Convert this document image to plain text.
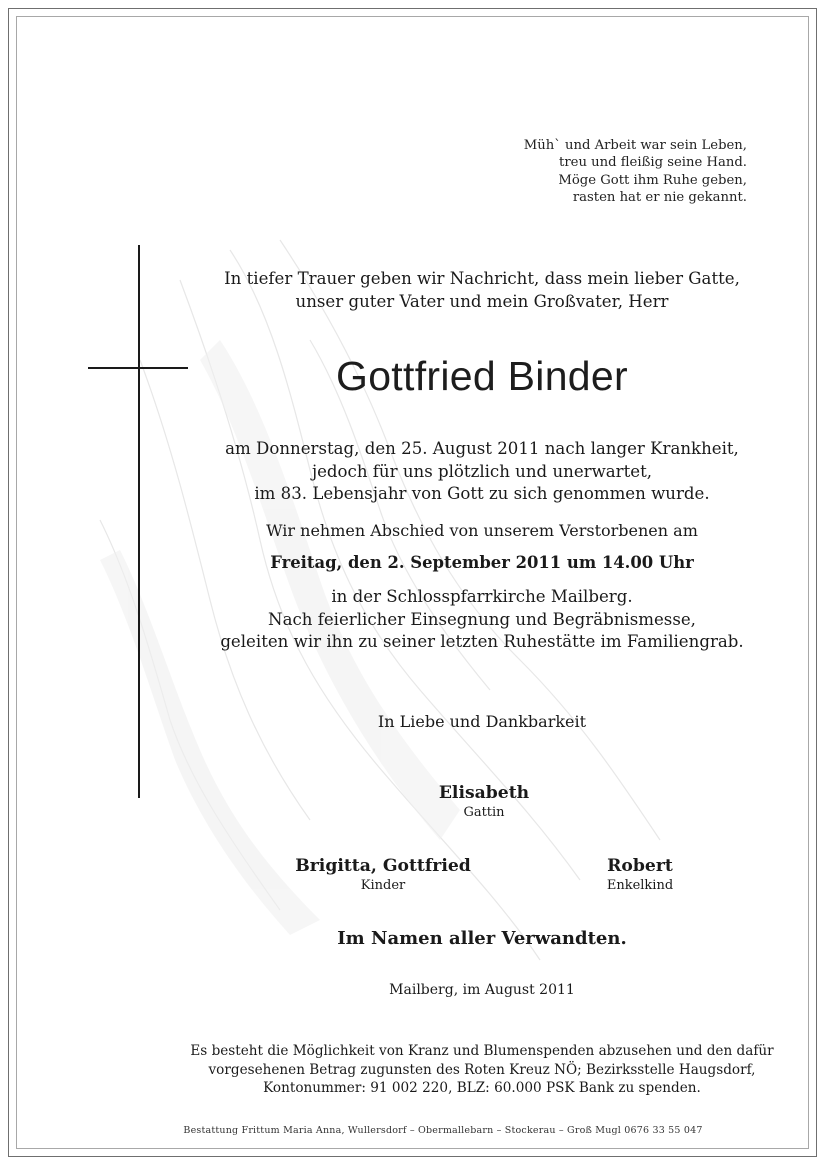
Müh` und Arbeit war sein Leben,
treu und fleißig seine Hand.
Möge Gott ihm Ruhe geben,
rasten hat er nie gekannt.
In tiefer Trauer geben wir Nachricht, dass mein lieber Gatte,
unser guter Vater und mein Großvater, Herr
Gottfried Binder
am Donnerstag, den 25. August 2011 nach langer Krankheit,
jedoch für uns plötzlich und unerwartet,
im 83. Lebensjahr von Gott zu sich genommen wurde.
Wir nehmen Abschied von unserem Verstorbenen am
Freitag, den 2. September 2011 um 14.00 Uhr
in der Schlosspfarrkirche Mailberg.
Nach feierlicher Einsegnung und Begräbnismesse,
geleiten wir ihn zu seiner letzten Ruhestätte im Familiengrab.
In Liebe und Dankbarkeit
Elisabeth
Gattin
Brigitta, Gottfried
Kinder
Robert
Enkelkind
Im Namen aller Verwandten.
Mailberg, im August 2011
Es besteht die Möglichkeit von Kranz und Blumenspenden abzusehen und den dafür
vorgesehenen Betrag zugunsten des Roten Kreuz NÖ; Bezirksstelle Haugsdorf,
Kontonummer: 91 002 220, BLZ: 60.000 PSK Bank zu spenden.
Bestattung Frittum Maria Anna, Wullersdorf – Obermallebarn – Stockerau – Groß Mugl 0676 33 55 047
